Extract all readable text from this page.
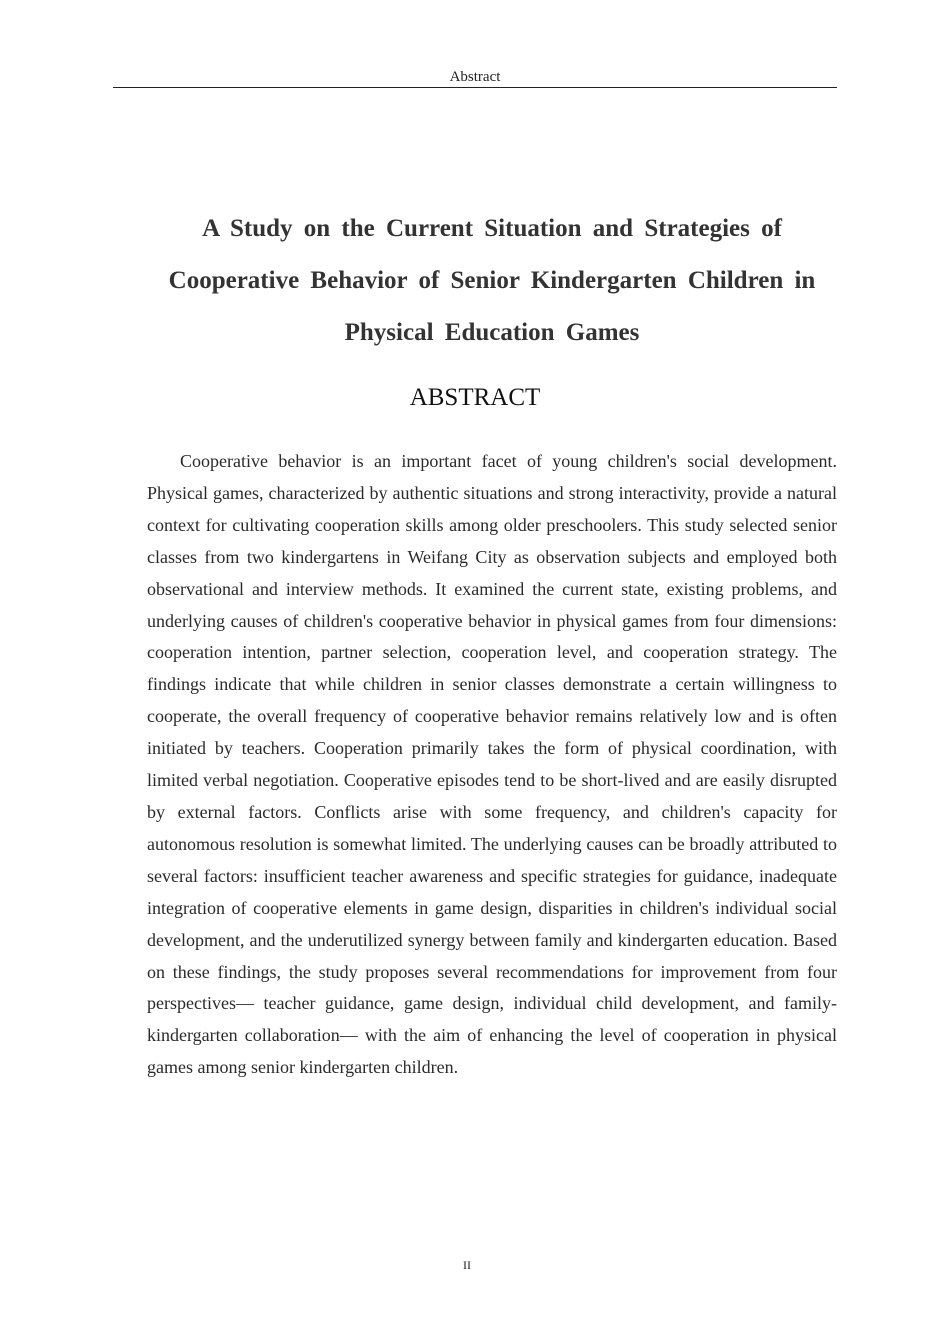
Abstract
A Study on the Current Situation and Strategies of Cooperative Behavior of Senior Kindergarten Children in Physical Education Games
ABSTRACT

Cooperative behavior is an important facet of young children's social development. Physical games, characterized by authentic situations and strong interactivity, provide a natural context for cultivating cooperation skills among older preschoolers. This study selected senior classes from two kindergartens in Weifang City as observation subjects and employed both observational and interview methods. It examined the current state, existing problems, and underlying causes of children's cooperative behavior in physical games from four dimensions: cooperation intention, partner selection, cooperation level, and cooperation strategy. The findings indicate that while children in senior classes demonstrate a certain willingness to cooperate, the overall frequency of cooperative behavior remains relatively low and is often initiated by teachers. Cooperation primarily takes the form of physical coordination, with limited verbal negotiation. Cooperative episodes tend to be short-lived and are easily disrupted by external factors. Conflicts arise with some frequency, and children's capacity for autonomous resolution is somewhat limited. The underlying causes can be broadly attributed to several factors: insufficient teacher awareness and specific strategies for guidance, inadequate integration of cooperative elements in game design, disparities in children's individual social development, and the underutilized synergy between family and kindergarten education. Based on these findings, the study proposes several recommendations for improvement from four perspectives— teacher guidance, game design, individual child development, and family-kindergarten collaboration— with the aim of enhancing the level of cooperation in physical games among senior kindergarten children.

II
